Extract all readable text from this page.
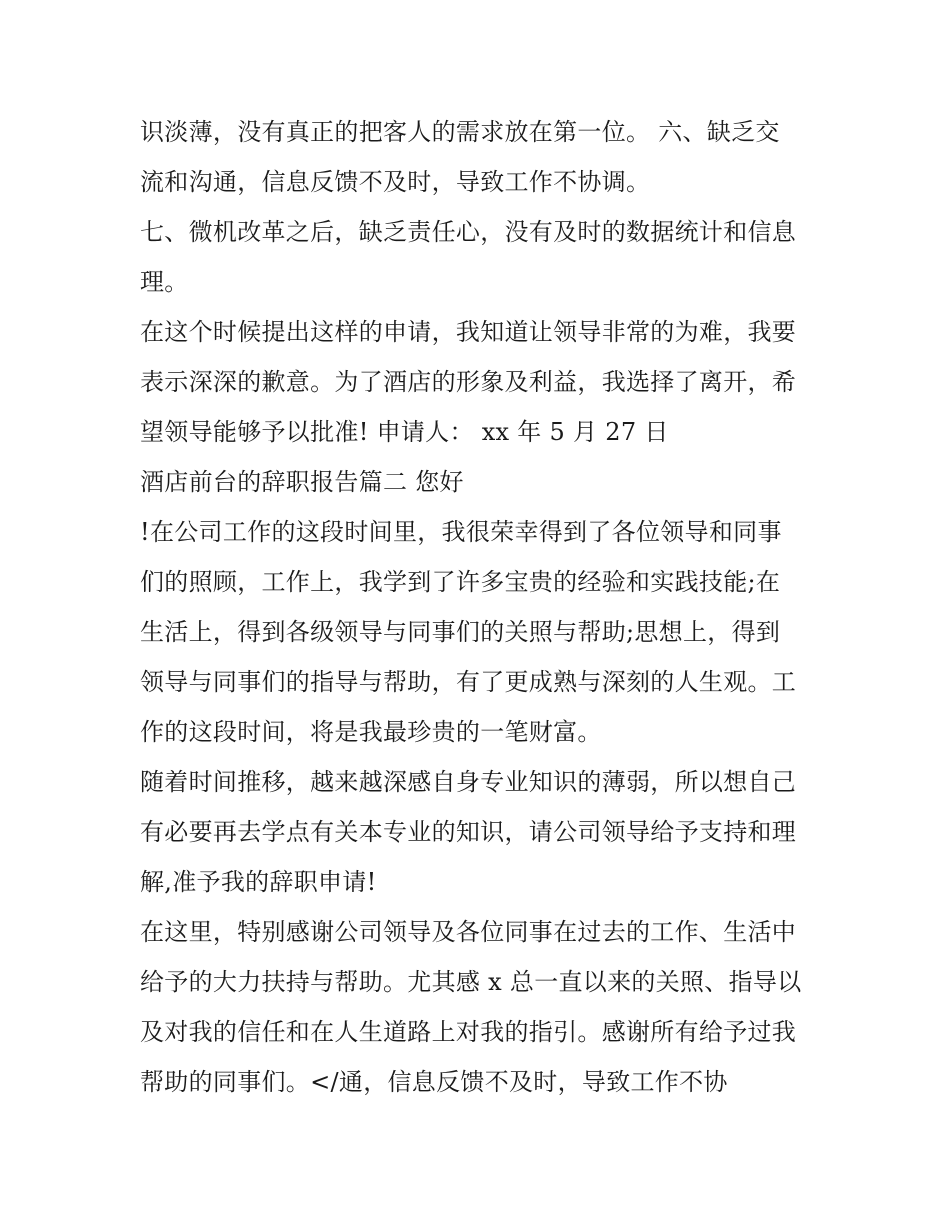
识淡薄，没有真正的把客人的需求放在第一位。 六、缺乏交
流和沟通，信息反馈不及时，导致工作不协调。
七、微机改革之后，缺乏责任心，没有及时的数据统计和信息
理。
在这个时候提出这样的申请，我知道让领导非常的为难，我要
表示深深的歉意。为了酒店的形象及利益，我选择了离开，希
望领导能够予以批准! 申请人： xx 年 5 月 27 日
酒店前台的辞职报告篇二 您好
!在公司工作的这段时间里，我很荣幸得到了各位领导和同事
们的照顾，工作上，我学到了许多宝贵的经验和实践技能;在
生活上，得到各级领导与同事们的关照与帮助;思想上，得到
领导与同事们的指导与帮助，有了更成熟与深刻的人生观。工
作的这段时间，将是我最珍贵的一笔财富。
随着时间推移，越来越深感自身专业知识的薄弱，所以想自己
有必要再去学点有关本专业的知识，请公司领导给予支持和理
解,准予我的辞职申请!
在这里，特别感谢公司领导及各位同事在过去的工作、生活中
给予的大力扶持与帮助。尤其感 x 总一直以来的关照、指导以
及对我的信任和在人生道路上对我的指引。感谢所有给予过我
帮助的同事们。</通，信息反馈不及时，导致工作不协
